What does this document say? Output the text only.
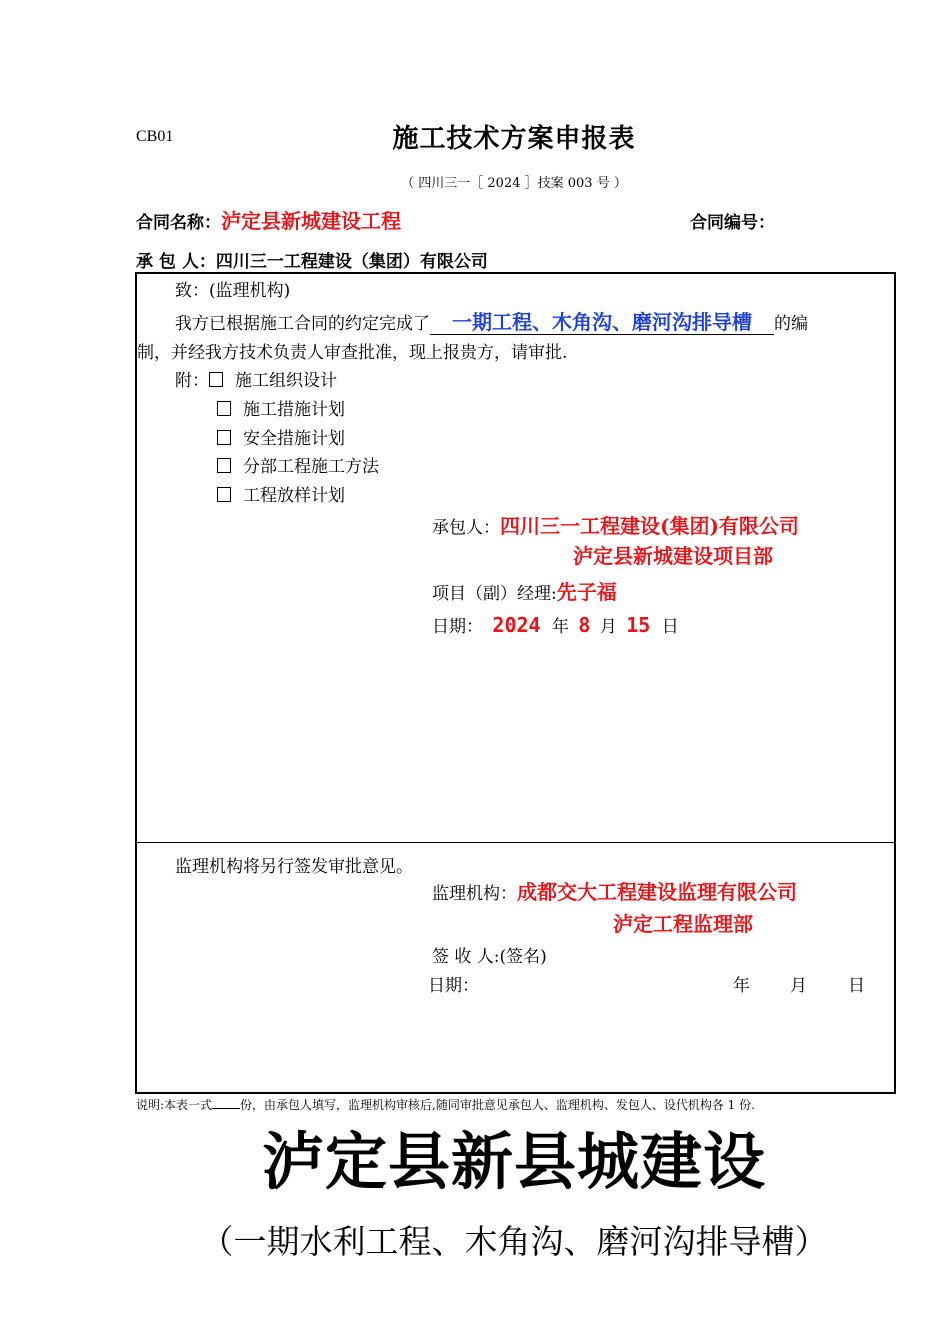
CB01	施工技术方案申报表
（ 四川三一［ 2024 ］技案 003 号 ）
合同名称：泸定县新城建设工程	合同编号：
承 包 人：四川三一工程建设（集团）有限公司
致：(监理机构)
我方已根据施工合同的约定完成了 一期工程、木角沟、磨河沟排导槽 的编
制，并经我方技术负责人审查批准，现上报贵方，请审批.
附： 施工组织设计
施工措施计划
安全措施计划
分部工程施工方法
工程放样计划
承包人：四川三一工程建设(集团)有限公司
泸定县新城建设项目部
项目（副）经理:先子福
日期： 2024 年 8 月 15 日
监理机构将另行签发审批意见。
监理机构：成都交大工程建设监理有限公司
泸定工程监理部
签 收 人:(签名)
日期：	年 月 日
说明:本表一式 份，由承包人填写，监理机构审核后,随同审批意见承包人、监理机构、发包人、设代机构各 1 份.
泸定县新县城建设
（一期水利工程、木角沟、磨河沟排导槽）
